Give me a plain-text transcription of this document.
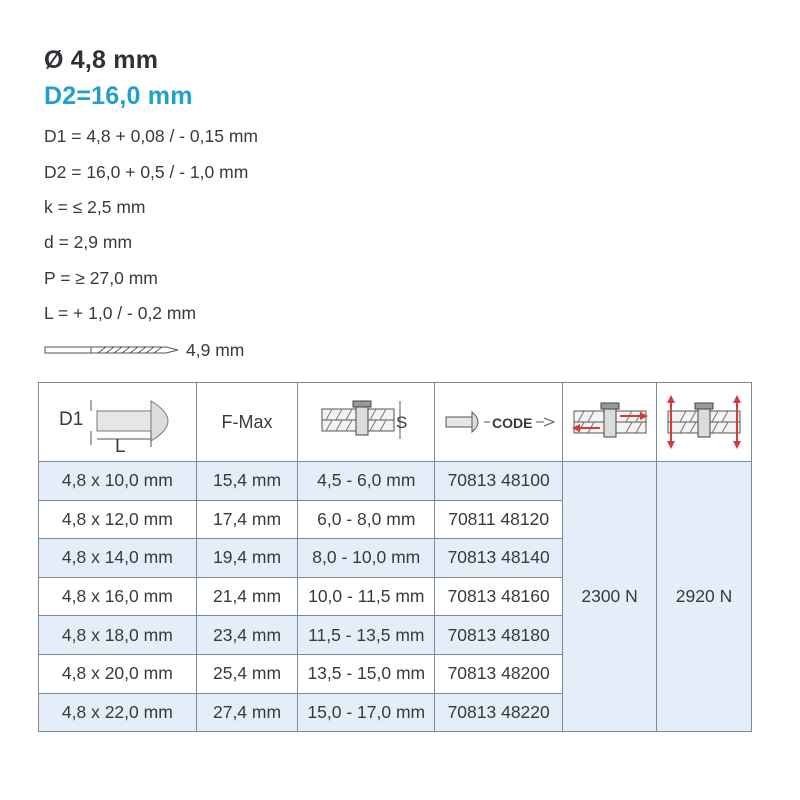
Ø 4,8 mm
D2=16,0 mm
D1 = 4,8 + 0,08 / - 0,15 mm
D2 = 16,0 + 0,5 / - 1,0 mm
k = ≤ 2,5 mm
d = 2,9 mm
P = ≥ 27,0 mm
L = + 1,0 / - 0,2 mm
4,9 mm
D1
L	F-Max	S	CODE

4,8 x 10,0 mm	15,4 mm	4,5 - 6,0 mm	70813 48100	2300 N	2920 N
4,8 x 12,0 mm	17,4 mm	6,0 - 8,0 mm	70811 48120		
4,8 x 14,0 mm	19,4 mm	8,0 - 10,0 mm	70813 48140		
4,8 x 16,0 mm	21,4 mm	10,0 - 11,5 mm	70813 48160		
4,8 x 18,0 mm	23,4 mm	11,5 - 13,5 mm	70813 48180		
4,8 x 20,0 mm	25,4 mm	13,5 - 15,0 mm	70813 48200		
4,8 x 22,0 mm	27,4 mm	15,0 - 17,0 mm	70813 48220		
